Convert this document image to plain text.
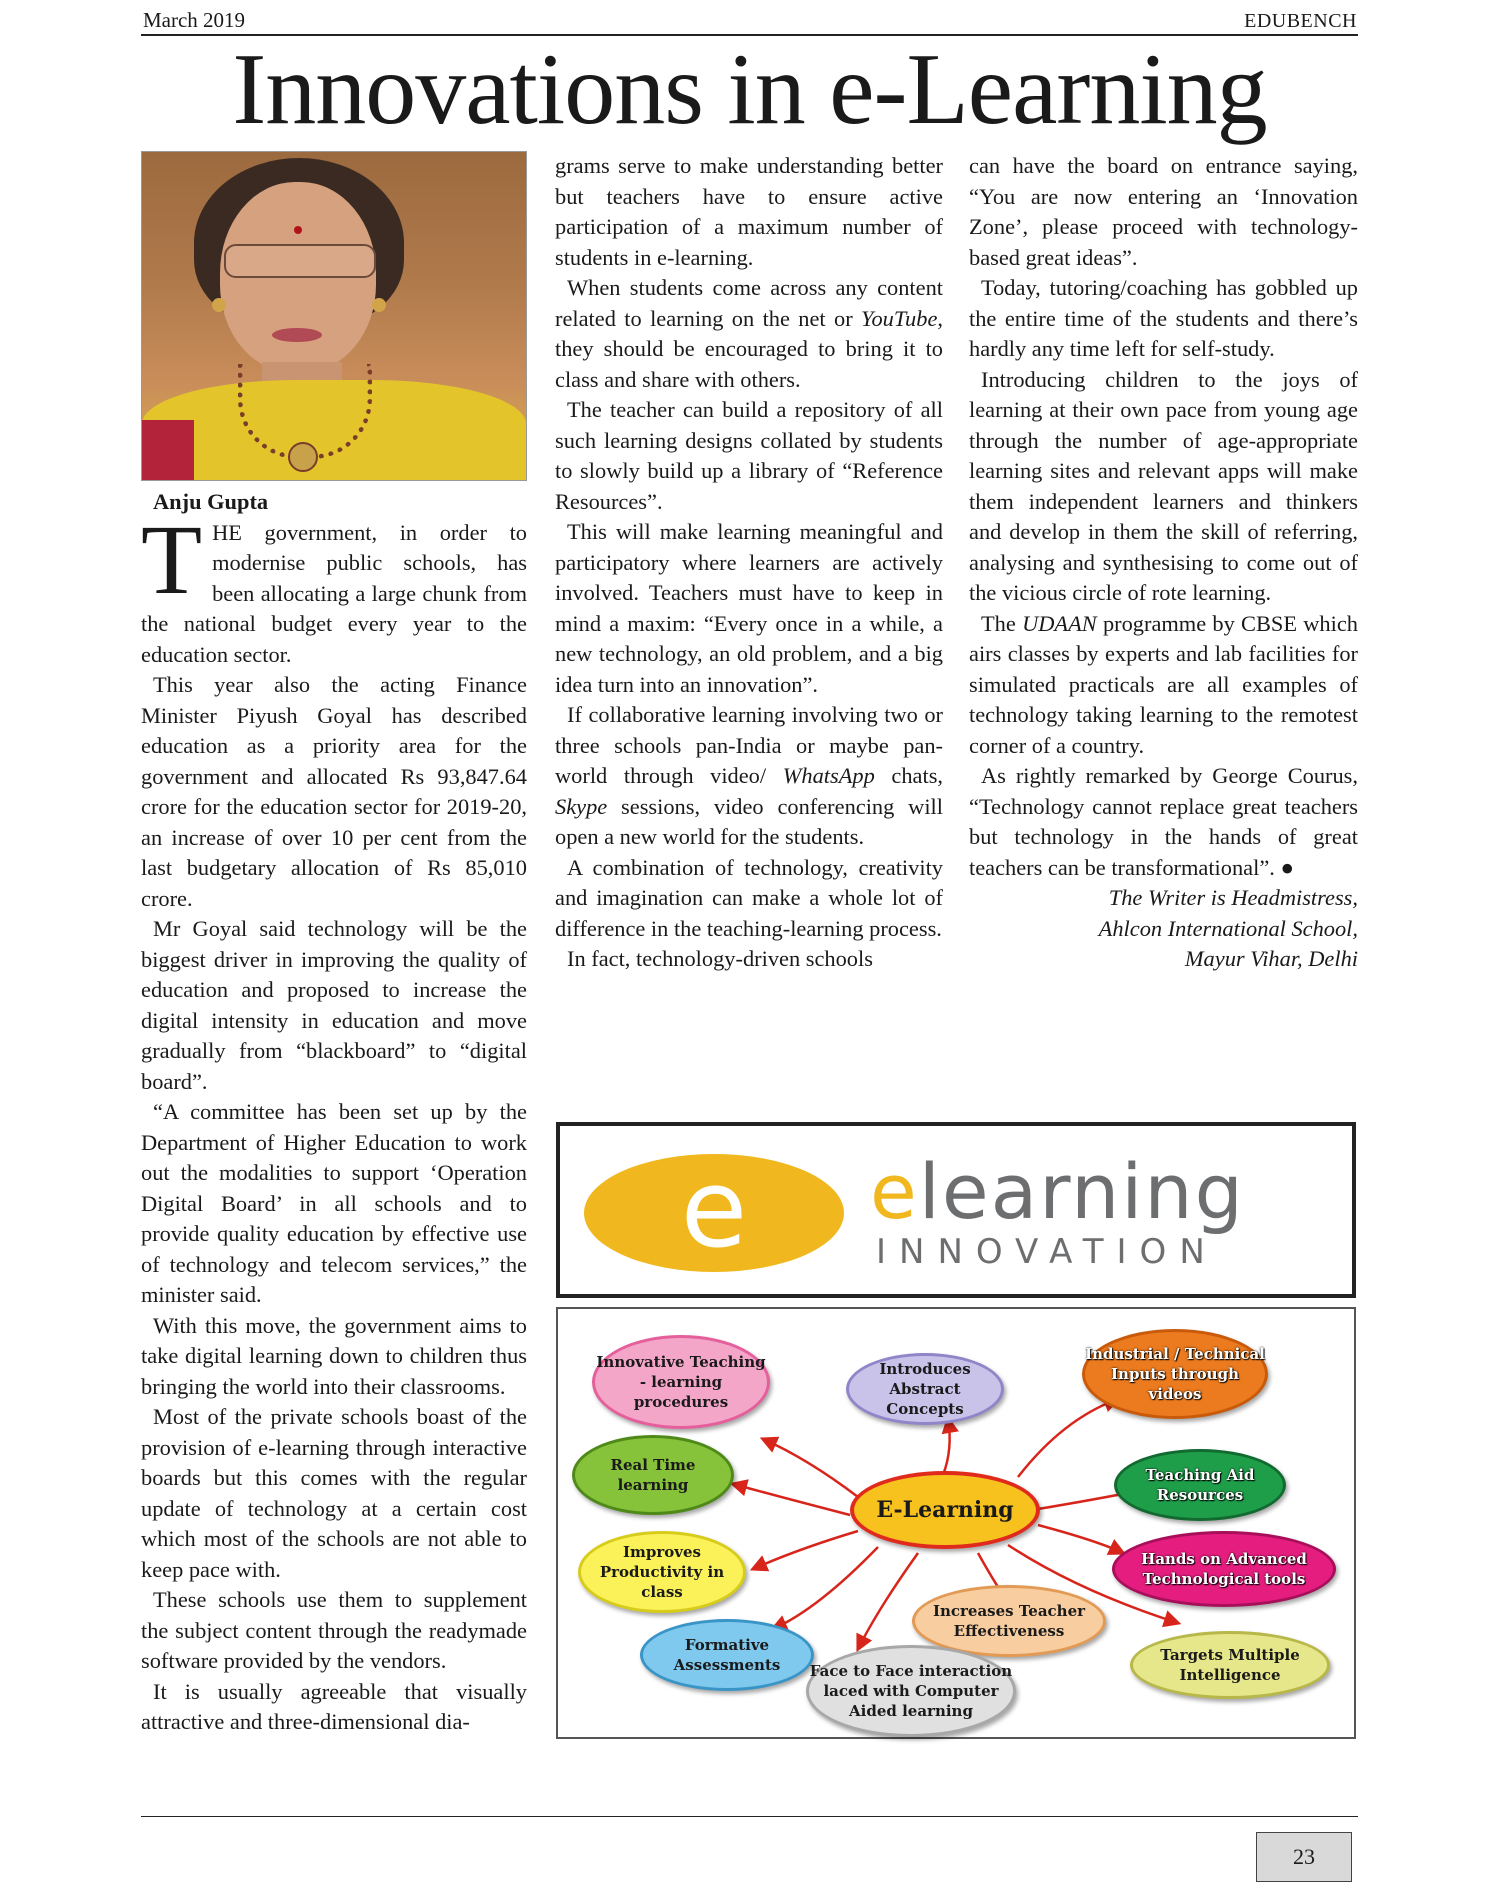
March 2019	EDUBENCH
Innovations in e-Learning

Anju Gupta

THE government, in order to modernise public schools, has been allocating a large chunk from the national budget every year to the education sector.

This year also the acting Finance Minister Piyush Goyal has described education as a priority area for the government and allocated Rs 93,847.64 crore for the education sector for 2019-20, an increase of over 10 per cent from the last budgetary allocation of Rs 85,010 crore.

Mr Goyal said technology will be the biggest driver in improving the quality of education and proposed to increase the digital intensity in education and move gradually from “blackboard” to “digital board”.

“A committee has been set up by the Department of Higher Education to work out the modalities to support ‘Operation Digital Board’ in all schools and to provide quality education by effective use of technology and telecom services,” the minister said.

With this move, the government aims to take digital learning down to children thus bringing the world into their classrooms.

Most of the private schools boast of the provision of e-learning through interactive boards but this comes with the regular update of technology at a certain cost which most of the schools are not able to keep pace with.

These schools use them to supplement the subject content through the readymade software provided by the vendors.

It is usually agreeable that visually attractive and three-dimensional dia-

grams serve to make understanding better but teachers have to ensure active participation of a maximum number of students in e-learning.

When students come across any content related to learning on the net or YouTube, they should be encouraged to bring it to class and share with others.

The teacher can build a repository of all such learning designs collated by students to slowly build up a library of “Reference Resources”.

This will make learning meaningful and participatory where learners are actively involved. Teachers must have to keep in mind a maxim: “Every once in a while, a new technology, an old problem, and a big idea turn into an innovation”.

If collaborative learning involving two or three schools pan-India or maybe pan-world through video/ WhatsApp chats, Skype sessions, video conferencing will open a new world for the students.

A combination of technology, creativity and imagination can make a whole lot of difference in the teaching-learning process.

In fact, technology-driven schools

can have the board on entrance saying, “You are now entering an ‘Innovation Zone’, please proceed with technology-based great ideas”.

Today, tutoring/coaching has gobbled up the entire time of the students and there’s hardly any time left for self-study.

Introducing children to the joys of learning at their own pace from young age through the number of age-appropriate learning sites and relevant apps will make them independent learners and thinkers and develop in them the skill of referring, analysing and synthesising to come out of the vicious circle of rote learning.

The UDAAN programme by CBSE which airs classes by experts and lab facilities for simulated practicals are all examples of technology taking learning to the remotest corner of a country.

As rightly remarked by George Courus, “Technology cannot replace great teachers but technology in the hands of great teachers can be transformational”. ●

The Writer is Headmistress,

Ahlcon International School,

Mayur Vihar, Delhi

e	elearning
INNOVATION
E-Learning
Innovative Teaching - learning procedures
Introduces Abstract Concepts
Industrial / Technical Inputs through videos
Real Time learning
Teaching Aid Resources
Improves Productivity in class
Hands on Advanced Technological tools
Formative Assessments
Increases Teacher Effectiveness
Targets Multiple Intelligence
Face to Face interaction laced with Computer Aided learning
23
